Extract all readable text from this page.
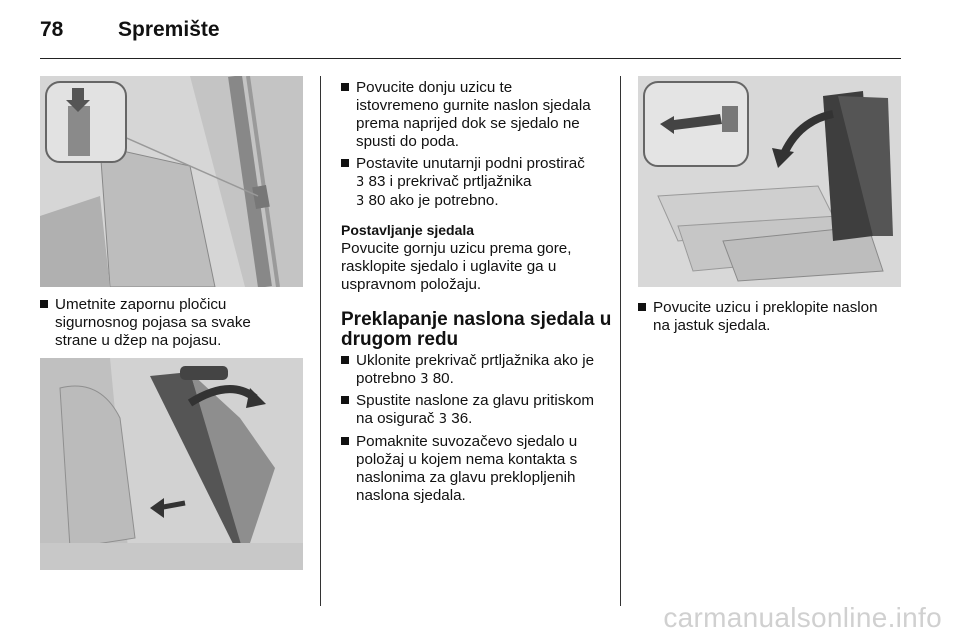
78	Spremište
Umetnite zapornu pločicu
sigurnosnog pojasa sa svake
strane u džep na pojasu.
Povucite donju uzicu te
istovremeno gurnite naslon sjedala
prema naprijed dok se sjedalo ne
spusti do poda.
Postavite unutarnji podni prostirač
3 83 i prekrivač prtljažnika
3 80 ako je potrebno.
Postavljanje sjedala
Povucite gornju uzicu prema gore,
rasklopite sjedalo i uglavite ga u
uspravnom položaju.
Preklapanje naslona sjedala u
drugom redu
Uklonite prekrivač prtljažnika ako je
potrebno 3 80.
Spustite naslone za glavu pritiskom
na osigurač 3 36.
Pomaknite suvozačevo sjedalo u
položaj u kojem nema kontakta s
naslonima za glavu preklopljenih
naslona sjedala.
Povucite uzicu i preklopite naslon
na jastuk sjedala.
carmanualsonline.info
